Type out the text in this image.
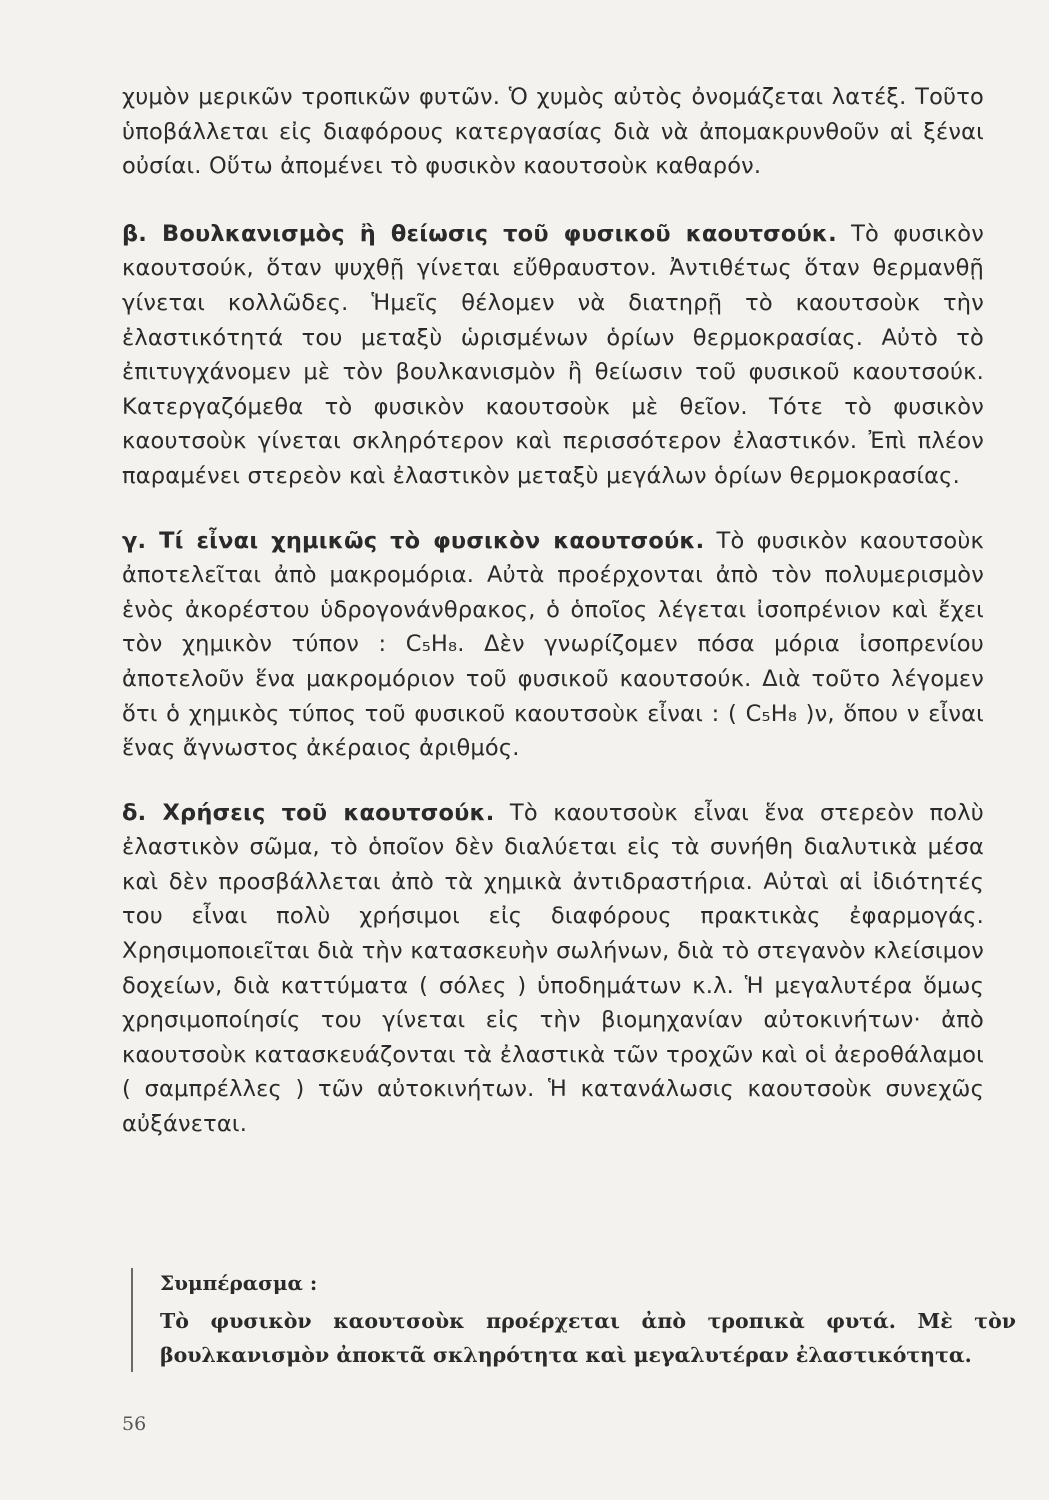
χυμὸν μερικῶν τροπικῶν φυτῶν. Ὁ χυμὸς αὐτὸς ὀνομάζεται λατέξ. Τοῦτο ὑποβάλλεται εἰς διαφόρους κατεργασίας διὰ νὰ ἀπομακρυνθοῦν αἱ ξέναι οὐσίαι. Οὕτω ἀπομένει τὸ φυσικὸν καουτσοὺκ καθαρόν.

β. Βουλκανισμὸς ἢ θείωσις τοῦ φυσικοῦ καουτσούκ. Τὸ φυσικὸν καουτσούκ, ὅταν ψυχθῇ γίνεται εὔθραυστον. Ἀντιθέτως ὅταν θερμανθῇ γίνεται κολλῶδες. Ἡμεῖς θέλομεν νὰ διατηρῇ τὸ καουτσοὺκ τὴν ἐλαστικότητά του μεταξὺ ὡρισμένων ὁρίων θερμοκρασίας. Αὐτὸ τὸ ἐπιτυγχάνομεν μὲ τὸν βουλκανισμὸν ἢ θείωσιν τοῦ φυσικοῦ καουτσούκ. Κατεργαζόμεθα τὸ φυσικὸν καουτσοὺκ μὲ θεῖον. Τότε τὸ φυσικὸν καουτσοὺκ γίνεται σκληρότερον καὶ περισσότερον ἐλαστικόν. Ἐπὶ πλέον παραμένει στερεὸν καὶ ἐλαστικὸν μεταξὺ μεγάλων ὁρίων θερμοκρασίας.

γ. Τί εἶναι χημικῶς τὸ φυσικὸν καουτσούκ. Τὸ φυσικὸν καουτσοὺκ ἀποτελεῖται ἀπὸ μακρομόρια. Αὐτὰ προέρχονται ἀπὸ τὸν πολυμερισμὸν ἑνὸς ἀκορέστου ὑδρογονάνθρακος, ὁ ὁποῖος λέγεται ἰσοπρένιον καὶ ἔχει τὸν χημικὸν τύπον : C₅H₈. Δὲν γνωρίζομεν πόσα μόρια ἰσοπρενίου ἀποτελοῦν ἕνα μακρομόριον τοῦ φυσικοῦ καουτσούκ. Διὰ τοῦτο λέγομεν ὅτι ὁ χημικὸς τύπος τοῦ φυσικοῦ καουτσοὺκ εἶναι : ( C₅H₈ )ν, ὅπου ν εἶναι ἕνας ἄγνωστος ἀκέραιος ἀριθμός.

δ. Χρήσεις τοῦ καουτσούκ. Τὸ καουτσοὺκ εἶναι ἕνα στερεὸν πολὺ ἐλαστικὸν σῶμα, τὸ ὁποῖον δὲν διαλύεται εἰς τὰ συνήθη διαλυτικὰ μέσα καὶ δὲν προσβάλλεται ἀπὸ τὰ χημικὰ ἀντιδραστήρια. Αὐταὶ αἱ ἰδιότητές του εἶναι πολὺ χρήσιμοι εἰς διαφόρους πρακτικὰς ἐφαρμογάς. Χρησιμοποιεῖται διὰ τὴν κατασκευὴν σωλήνων, διὰ τὸ στεγανὸν κλείσιμον δοχείων, διὰ καττύματα ( σόλες ) ὑποδημάτων κ.λ. Ἡ μεγαλυτέρα ὅμως χρησιμοποίησίς του γίνεται εἰς τὴν βιομηχανίαν αὐτοκινήτων· ἀπὸ καουτσοὺκ κατασκευάζονται τὰ ἐλαστικὰ τῶν τροχῶν καὶ οἱ ἀεροθάλαμοι ( σαμπρέλλες ) τῶν αὐτοκινήτων. Ἡ κατανάλωσις καουτσοὺκ συνεχῶς αὐξάνεται.

Συμπέρασμα :
Τὸ φυσικὸν καουτσοὺκ προέρχεται ἀπὸ τροπικὰ φυτά. Μὲ τὸν βουλκανισμὸν ἀποκτᾶ σκληρότητα καὶ μεγαλυτέραν ἐλαστικότητα.
56
